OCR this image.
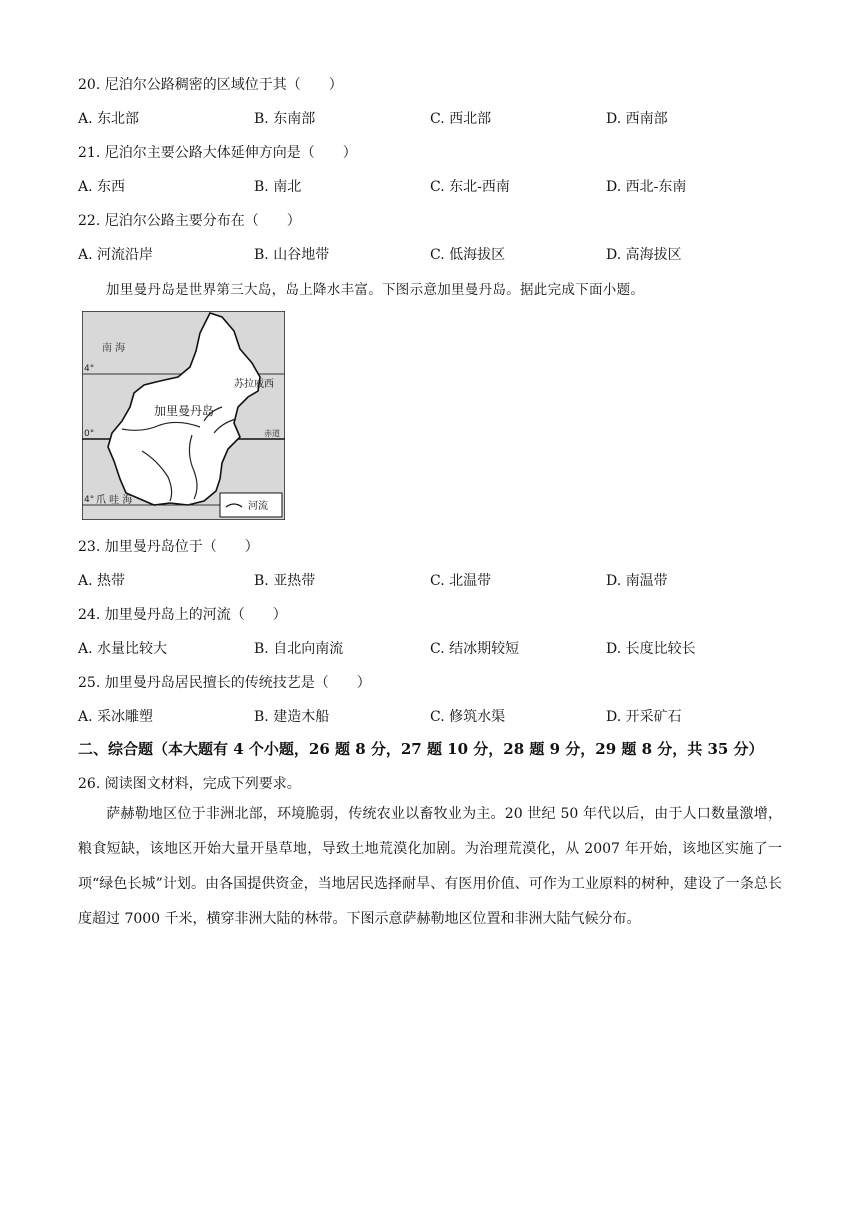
20. 尼泊尔公路稠密的区域位于其（　　）
A. 东北部	B. 东南部	C. 西北部	D. 西南部
21. 尼泊尔主要公路大体延伸方向是（　　）
A. 东西	B. 南北	C. 东北-西南	D. 西北-东南
22. 尼泊尔公路主要分布在（　　）
A. 河流沿岸	B. 山谷地带	C. 低海拔区	D. 高海拔区
加里曼丹岛是世界第三大岛，岛上降水丰富。下图示意加里曼丹岛。据此完成下面小题。
南 海
苏拉威西
加里曼丹岛
4°
0°	赤道
4° 爪 哇 海
河流
23. 加里曼丹岛位于（　　）
A. 热带	B. 亚热带	C. 北温带	D. 南温带
24. 加里曼丹岛上的河流（　　）
A. 水量比较大	B. 自北向南流	C. 结冰期较短	D. 长度比较长
25. 加里曼丹岛居民擅长的传统技艺是（　　）
A. 采冰雕塑	B. 建造木船	C. 修筑水渠	D. 开采矿石
二、综合题（本大题有 4 个小题，26 题 8 分，27 题 10 分，28 题 9 分，29 题 8 分，共 35 分）
26. 阅读图文材料，完成下列要求。
萨赫勒地区位于非洲北部，环境脆弱，传统农业以畜牧业为主。20 世纪 50 年代以后，由于人口数量激增，粮食短缺，该地区开始大量开垦草地，导致土地荒漠化加剧。为治理荒漠化，从 2007 年开始，该地区实施了一项“绿色长城”计划。由各国提供资金，当地居民选择耐旱、有医用价值、可作为工业原料的树种，建设了一条总长度超过 7000 千米，横穿非洲大陆的林带。下图示意萨赫勒地区位置和非洲大陆气候分布。
